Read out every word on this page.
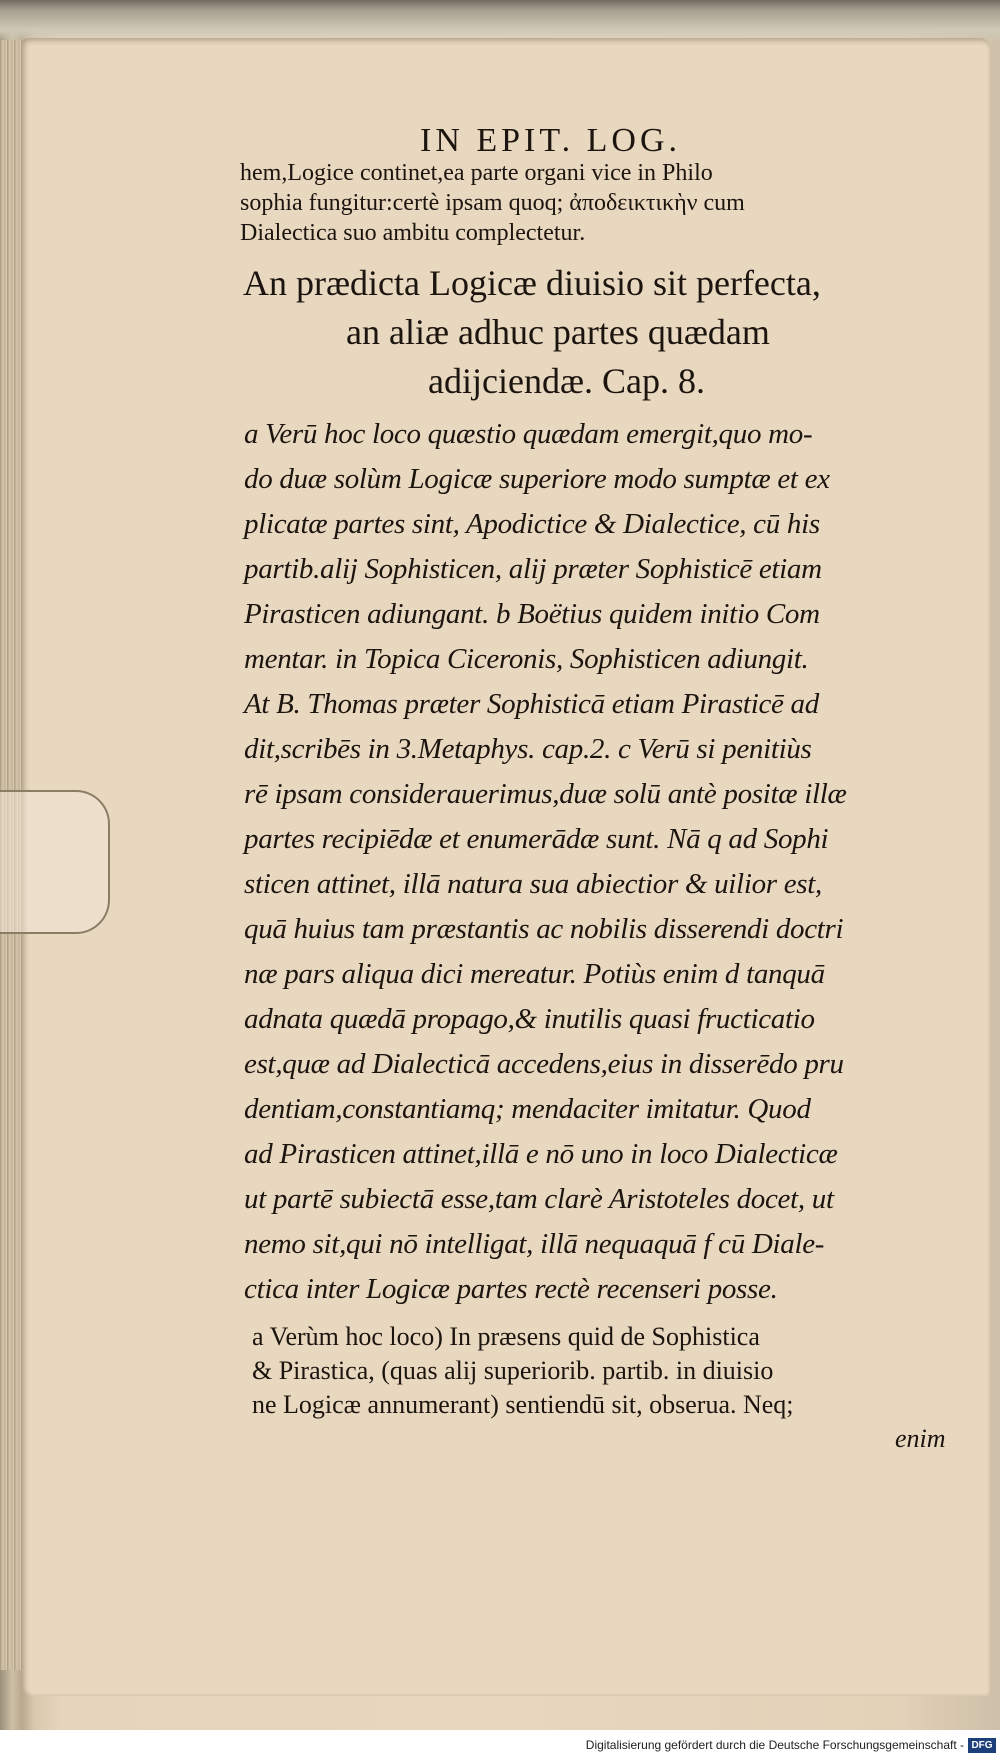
IN EPIT. LOG.

hem,Logice continet,ea parte organi vice in Philo

sophia fungitur:certè ipsam quoq; ἀποδεικτικὴν cum

Dialectica suo ambitu complectetur.

An prædicta Logicæ diuisio sit perfecta,

an aliæ adhuc partes quædam

adijciendæ. Cap. 8.

a Verū hoc loco quæstio quædam emergit,quo mo-

do duæ solùm Logicæ superiore modo sumptæ et ex

plicatæ partes sint, Apodictice & Dialectice, cū his

partib.alij Sophisticen, alij præter Sophisticē etiam

Pirasticen adiungant. b Boëtius quidem initio Com

mentar. in Topica Ciceronis, Sophisticen adiungit.

At B. Thomas præter Sophisticā etiam Pirasticē ad

dit,scribēs in 3.Metaphys. cap.2. c Verū si penitiùs

rē ipsam considerauerimus,duæ solū antè positæ illæ

partes recipiēdæ et enumerādæ sunt. Nā q ad Sophi

sticen attinet, illā natura sua abiectior & uilior est,

quā huius tam præstantis ac nobilis disserendi doctri

næ pars aliqua dici mereatur. Potiùs enim d tanquā

adnata quædā propago,& inutilis quasi fructicatio

est,quæ ad Dialecticā accedens,eius in disserēdo pru

dentiam,constantiamq; mendaciter imitatur. Quod

ad Pirasticen attinet,illā e nō uno in loco Dialecticæ

ut partē subiectā esse,tam clarè Aristoteles docet, ut

nemo sit,qui nō intelligat, illā nequaquā f cū Diale-

ctica inter Logicæ partes rectè recenseri posse.

a Verùm hoc loco) In præsens quid de Sophistica

& Pirastica, (quas alij superiorib. partib. in diuisio

ne Logicæ annumerant) sentiendū sit, obserua. Neq;

enim

Digitalisierung gefördert durch die Deutsche Forschungsgemeinschaft - DFG
